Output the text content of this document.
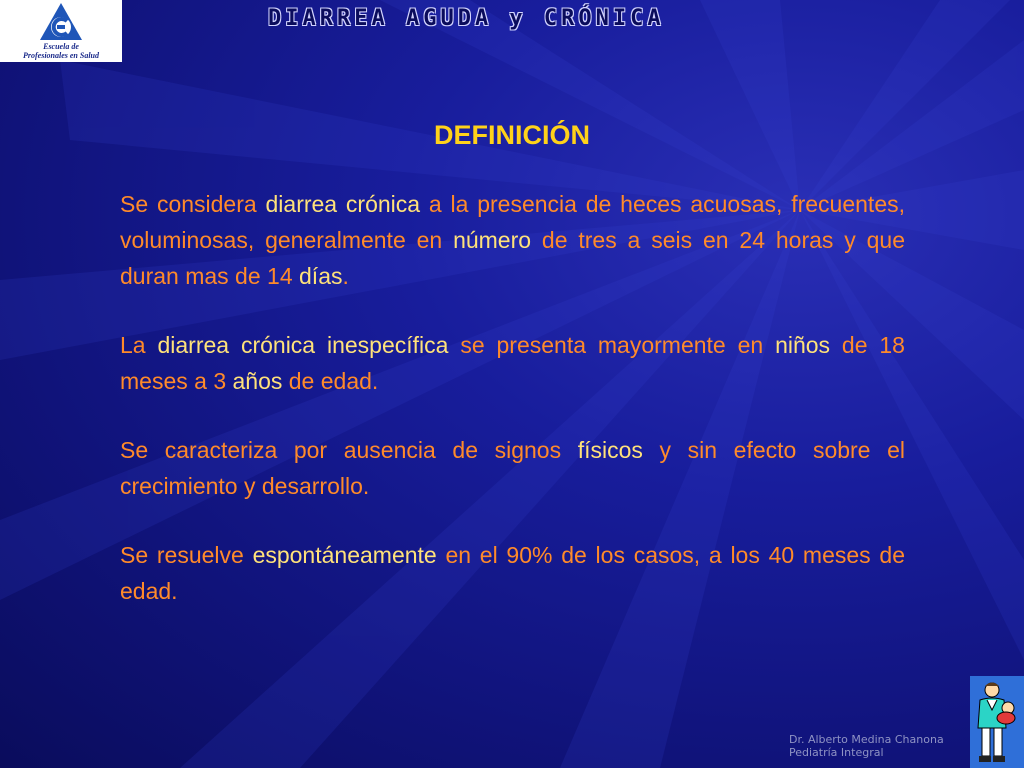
Escuela de
Profesionales en Salud
DIARREA AGUDA y CRÓNICA
DEFINICIÓN

Se considera diarrea crónica a la presencia de heces acuosas, frecuentes, voluminosas, generalmente en número de tres a seis en 24 horas y que duran mas de 14 días.

La diarrea crónica inespecífica se presenta mayormente en niños de 18 meses a 3 años de edad.

Se caracteriza por ausencia de signos físicos y sin efecto sobre el crecimiento y desarrollo.

Se resuelve espontáneamente en el 90% de los casos, a los 40 meses de edad.

Dr. Alberto Medina Chanona
Pediatría Integral
